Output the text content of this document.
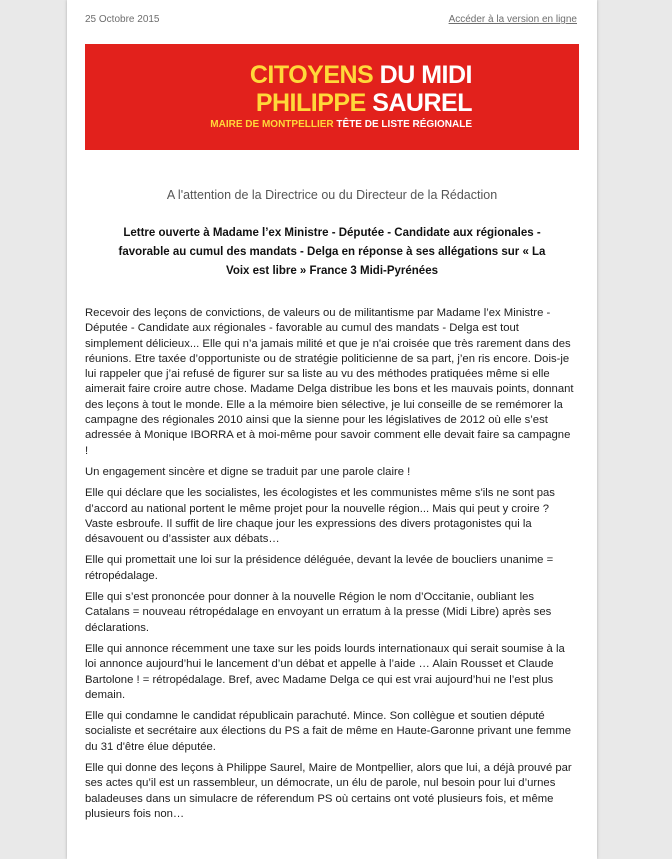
25 Octobre 2015	Accéder à la version en ligne
CITOYENS DU MIDI
PHILIPPE SAUREL
MAIRE DE MONTPELLIER TÊTE DE LISTE RÉGIONALE
A l'attention de la Directrice ou du Directeur de la Rédaction
Lettre ouverte à Madame l’ex Ministre - Députée - Candidate aux régionales - favorable au cumul des mandats - Delga en réponse à ses allégations sur « La Voix est libre » France 3 Midi-Pyrénées

Recevoir des leçons de convictions, de valeurs ou de militantisme par Madame l’ex Ministre - Députée - Candidate aux régionales - favorable au cumul des mandats - Delga est tout simplement délicieux... Elle qui n’a jamais milité et que je n'ai croisée que très rarement dans des réunions. Etre taxée d’opportuniste ou de stratégie politicienne de sa part, j’en ris encore. Dois-je lui rappeler que j’ai refusé de figurer sur sa liste au vu des méthodes pratiquées même si elle aimerait faire croire autre chose. Madame Delga distribue les bons et les mauvais points, donnant des leçons à tout le monde. Elle a la mémoire bien sélective, je lui conseille de se remémorer la campagne des régionales 2010 ainsi que la sienne pour les législatives de 2012 où elle s’est adressée à Monique IBORRA et à moi-même pour savoir comment elle devait faire sa campagne !

Un engagement sincère et digne se traduit par une parole claire !

Elle qui déclare que les socialistes, les écologistes et les communistes même s'ils ne sont pas d’accord au national portent le même projet pour la nouvelle région... Mais qui peut y croire ? Vaste esbroufe. Il suffit de lire chaque jour les expressions des divers protagonistes qui la désavouent ou d’assister aux débats…

Elle qui promettait une loi sur la présidence déléguée, devant la levée de boucliers unanime = rétropédalage.

Elle qui s’est prononcée pour donner à la nouvelle Région le nom d’Occitanie, oubliant les Catalans = nouveau rétropédalage en envoyant un erratum à la presse (Midi Libre) après ses déclarations.

Elle qui annonce récemment une taxe sur les poids lourds internationaux qui serait soumise à la loi annonce aujourd’hui le lancement d’un débat et appelle à l’aide … Alain Rousset et Claude Bartolone ! = rétropédalage. Bref, avec Madame Delga ce qui est vrai aujourd’hui ne l’est plus demain.

Elle qui condamne le candidat républicain parachuté. Mince. Son collègue et soutien député socialiste et secrétaire aux élections du PS a fait de même en Haute-Garonne privant une femme du 31 d'être élue députée.

Elle qui donne des leçons à Philippe Saurel, Maire de Montpellier, alors que lui, a déjà prouvé par ses actes qu’il est un rassembleur, un démocrate, un élu de parole, nul besoin pour lui d’urnes baladeuses dans un simulacre de réferendum PS où certains ont voté plusieurs fois, et même plusieurs fois non…
